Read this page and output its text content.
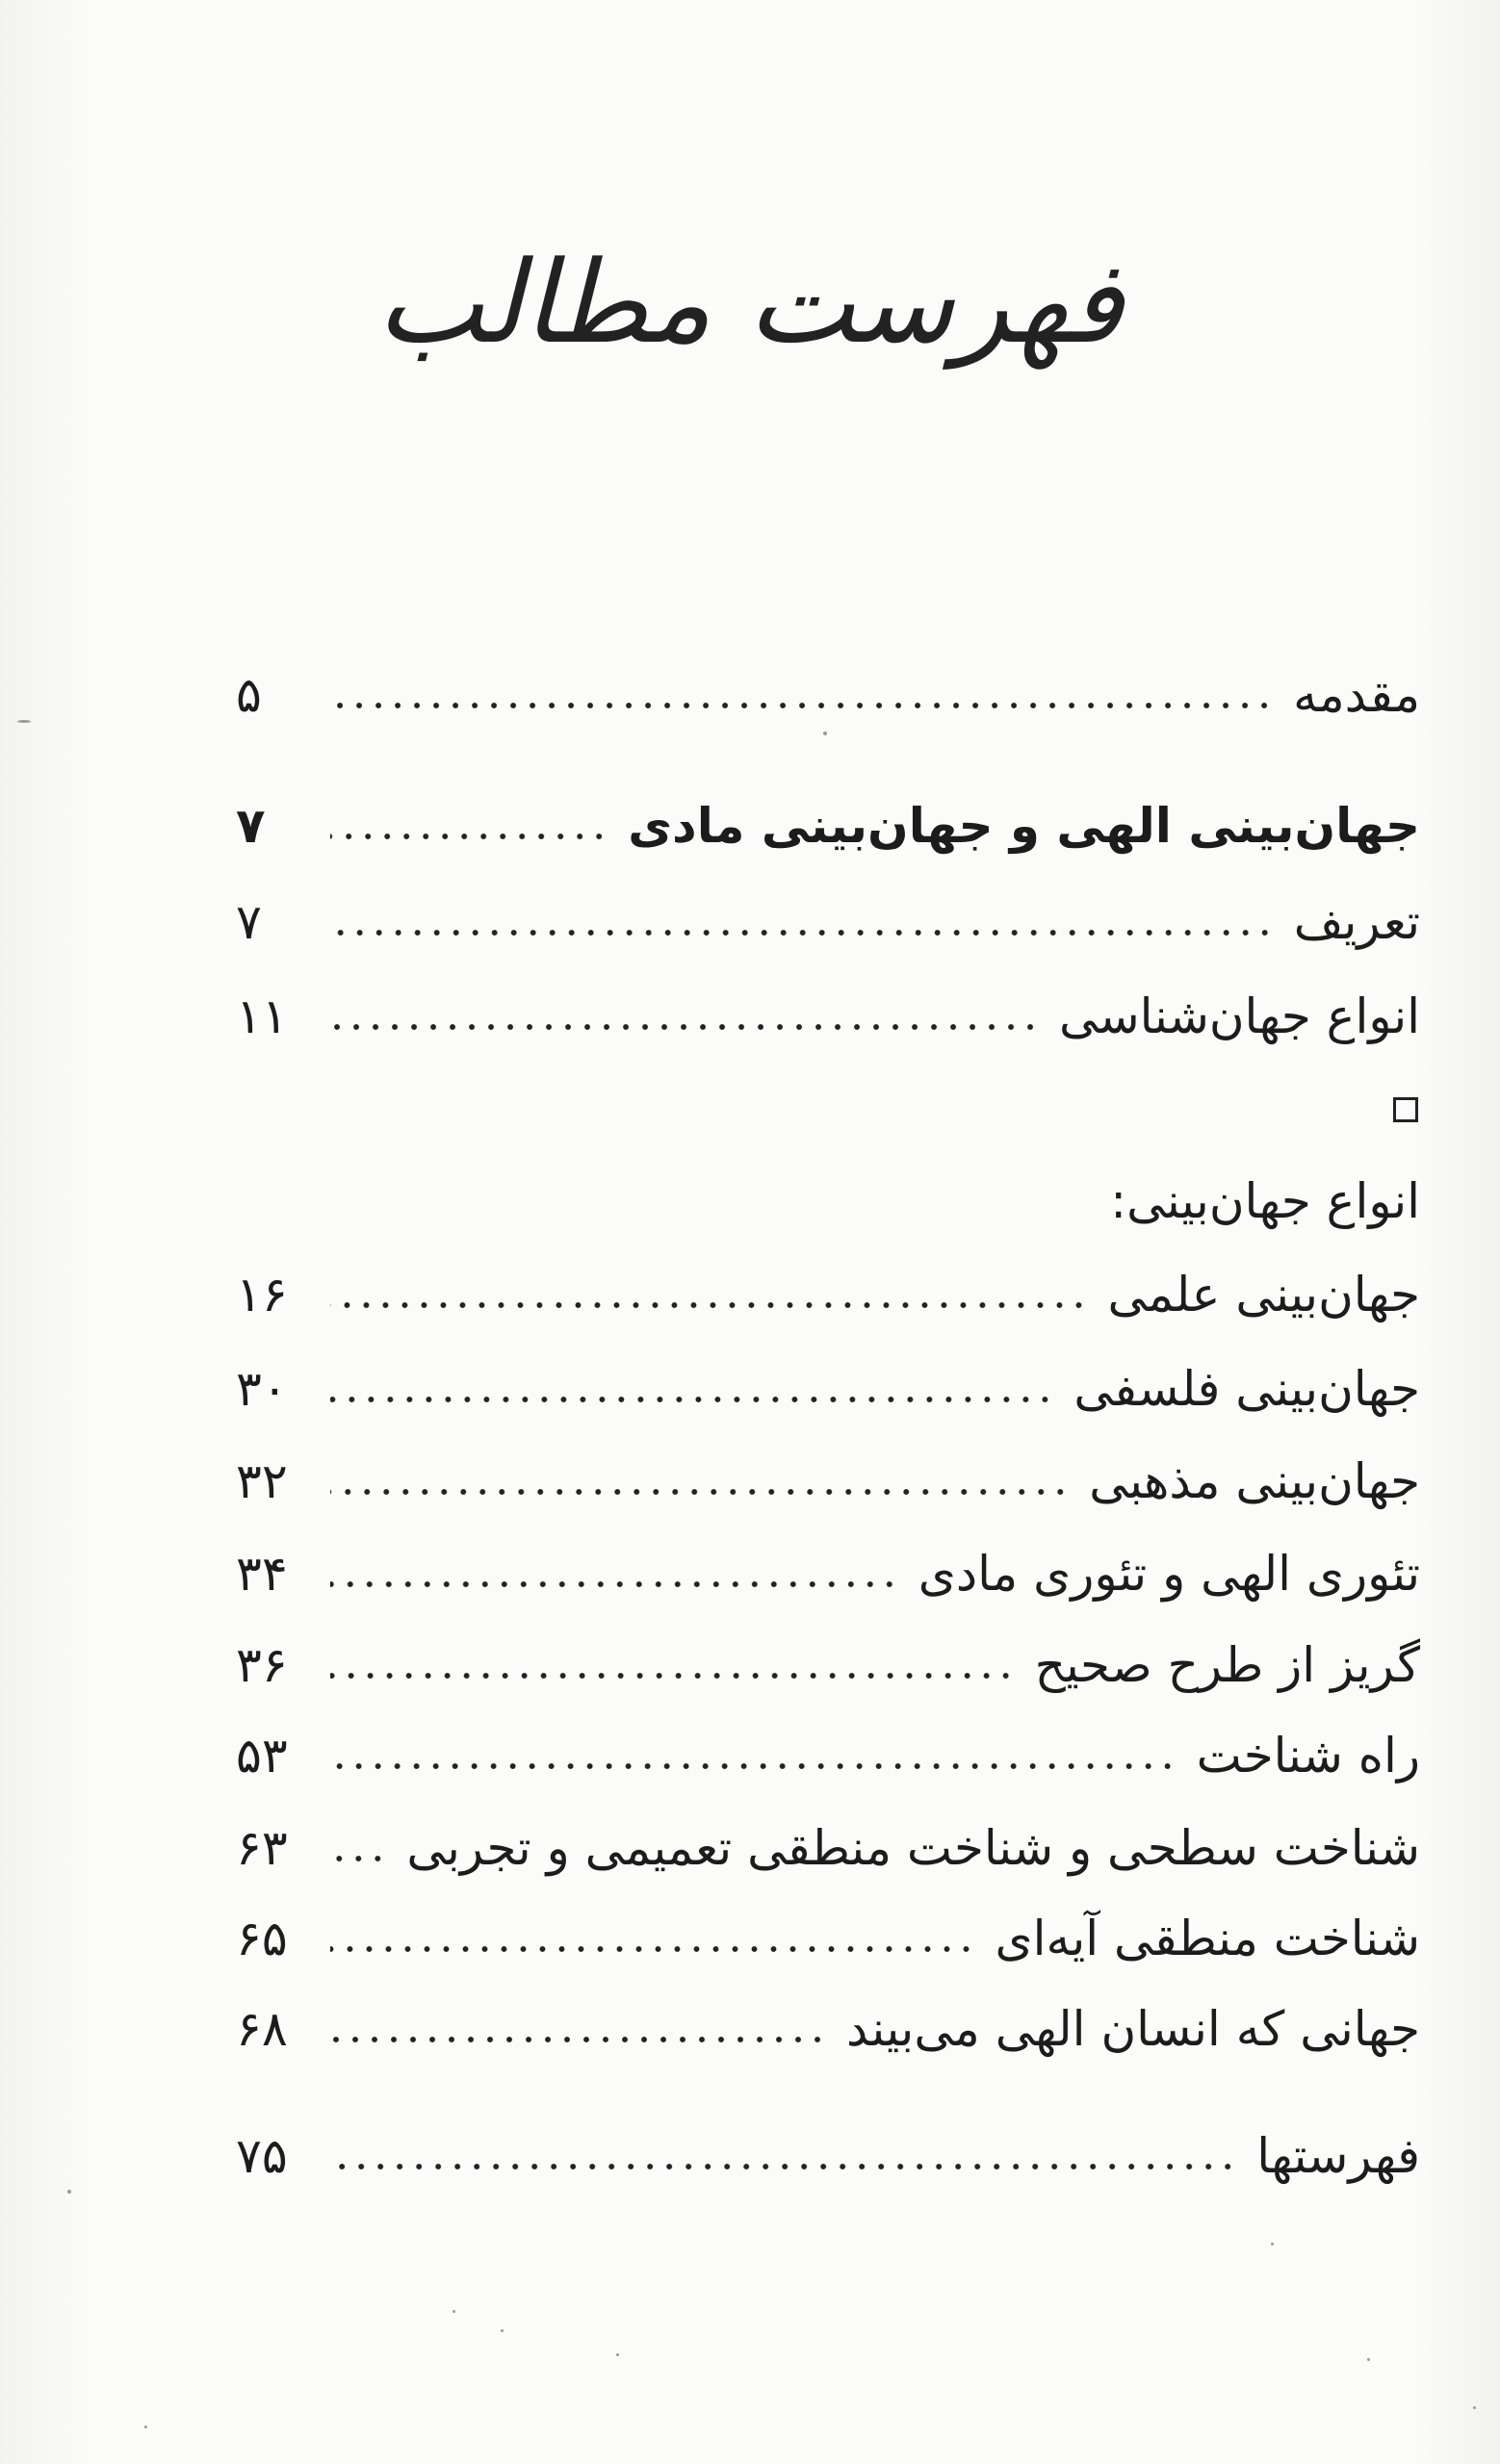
فهرست مطالب
مقدمه
۵
جهان‌بینی الهی و جهان‌بینی مادی
۷
تعریف
۷
انواع جهان‌شناسی
۱۱
انواع جهان‌بینی:
جهان‌بینی علمی
۱۶
جهان‌بینی فلسفی
۳۰
جهان‌بینی مذهبی
۳۲
تئوری الهی و تئوری مادی
۳۴
گریز از طرح صحیح
۳۶
راه شناخت
۵۳
شناخت سطحی و شناخت منطقی تعمیمی و تجربی
۶۳
شناخت منطقی آیه‌ای
۶۵
جهانی که انسان الهی می‌بیند
۶۸
فهرستها
۷۵
